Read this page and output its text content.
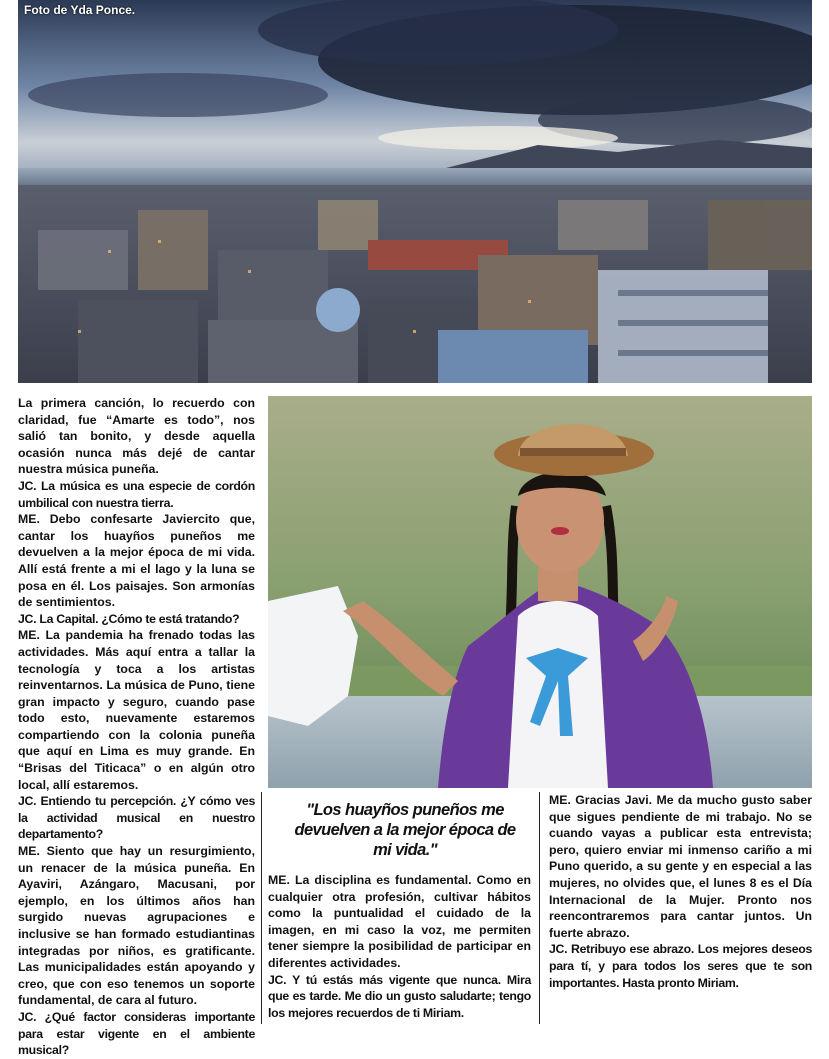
Foto de Yda Ponce.

La primera canción, lo recuerdo con claridad, fue “Amarte es todo”, nos salió tan bonito, y desde aquella ocasión nunca más dejé de cantar nuestra música puneña.

JC. La música es una especie de cordón umbilical con nuestra tierra.

ME. Debo confesarte Javiercito que, cantar los huayños puneños me devuelven a la mejor época de mi vida. Allí está frente a mi el lago y la luna se posa en él. Los paisajes. Son armonías de sentimientos.

JC. La Capital. ¿Cómo te está tratando?

ME. La pandemia ha frenado todas las actividades. Más aquí entra a tallar la tecnología y toca a los artistas reinventarnos. La música de Puno, tiene gran impacto y seguro, cuando pase todo esto, nuevamente estaremos compartiendo con la colonia puneña que aquí en Lima es muy grande. En “Brisas del Titicaca” o en algún otro local, allí estaremos.

JC. Entiendo tu percepción. ¿Y cómo ves la actividad musical en nuestro departamento?

ME. Siento que hay un resurgimiento, un renacer de la música puneña. En Ayaviri, Azángaro, Macusani, por ejemplo, en los últimos años han surgido nuevas agrupaciones e inclusive se han formado estudiantinas integradas por niños, es gratificante. Las municipalidades están apoyando y creo, que con eso tenemos un soporte fundamental, de cara al futuro.

JC. ¿Qué factor consideras importante para estar vigente en el ambiente musical?

"Los huayños puneños me devuelven a la mejor época de mi vida."

ME. La disciplina es fundamental. Como en cualquier otra profesión, cultivar hábitos como la puntualidad el cuidado de la imagen, en mi caso la voz, me permiten tener siempre la posibilidad de participar en diferentes actividades.

JC. Y tú estás más vigente que nunca. Mira que es tarde. Me dio un gusto saludarte; tengo los mejores recuerdos de ti Miriam.

ME. Gracias Javi. Me da mucho gusto saber que sigues pendiente de mi trabajo. No se cuando vayas a publicar esta entrevista; pero, quiero enviar mi inmenso cariño a mi Puno querido, a su gente y en especial a las mujeres, no olvides que, el lunes 8 es el Día Internacional de la Mujer. Pronto nos reencontraremos para cantar juntos. Un fuerte abrazo.

JC. Retribuyo ese abrazo. Los mejores deseos para tí, y para todos los seres que te son importantes. Hasta pronto Miriam.
